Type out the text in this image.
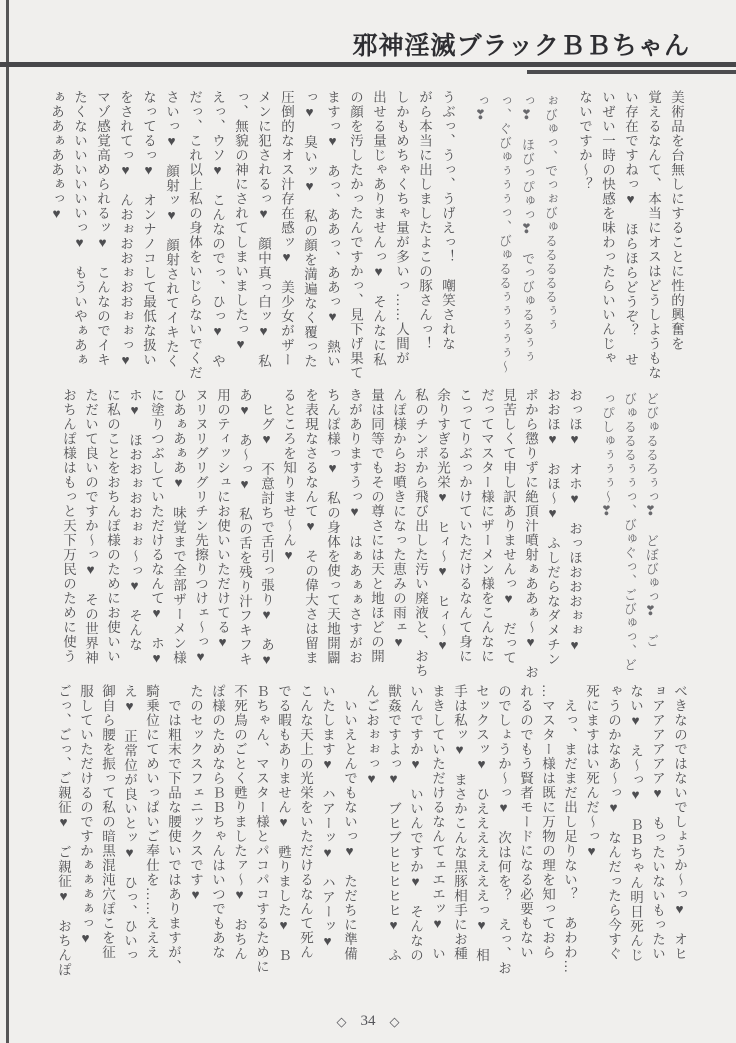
邪神淫滅ブラックＢＢちゃん
美術品を台無しにすることに性的興奮を
覚えるなんて、本当にオスはどうしようもな
い存在ですねっ♥　ほらほらどうぞ？　せ
いぜい一時の快感を味わったらいいんじゃ
ないですか～？
ぉびゅっ、でっぉびゅるるるるるぅぅ
っ❣　ほびっぴゅっ❣　でっびゅるるぅぅ
っ、ぐびゅぅぅぅっ、びゅるるぅぅぅぅぅ～
っ❣
うぶっ、うっ、うげえっ！　嘲笑されな
がら本当に出しましたよこの豚さんっ！
しかもめちゃくちゃ量が多いっ……人間が
出せる量じゃありませんっ♥　そんなに私
の顔を汚したかったんですかっ、見下げ果て
ますっ♥　あっ、ああっ、ああっ♥　熱い
っ♥　臭いッ♥　私の顔を満遍なく覆った
圧倒的なオス汁存在感ッ♥　美少女がザー
メンに犯されるっ♥　顔中真っ白ッ♥　私
っ、無貌の神にされてしまいましたっ♥
えっ、ウソ♥　こんなのでっ、ひっ♥　や
だっ、これ以上私の身体をいじらないでくだ
さいっ♥　顔射ッ♥　顔射されてイキたく
なってるっ♥　オンナノコして最低な扱い
をされてっ♥　んおぉおおぉおおぉぉっ♥
マゾ感覚高められるッ♥　こんなのでイキ
たくないいいいいいっ♥　もういやぁあぁ
ぁああぁああぁっ♥
どびゅるるろぅっ❣　どぼびゅっ❣　ご
びゅるるるぅぅっ、びゅぐっ、ごびゅっ、ど
っぴしゅぅぅぅ～❣
おっほ♥　オホ♥　おっほおおおぉぉ♥
おおほ♥　おほ～♥　ふしだらなダメチン
ポから懲りずに絶頂汁噴射ぁああぁ～♥　お
見苦しくて申し訳ありませんっ♥　だって
だってマスター様にザーメン様をこんなに
こってりぶっかけていただけるなんて身に
余りすぎる光栄♥　ヒィ～♥　ヒィ～♥
私のチンポから飛び出した汚い廃液と、おち
んぽ様からお噴きになった恵みの雨ェ♥
量は同等でもその尊さには天と地ほどの開
きがありますうっ♥　はぁあぁぁさすがお
ちんぽ様っ♥　私の身体を使って天地開闢
を表現なさるなんて♥　その偉大さは留ま
るところを知りませ～ん♥
　ヒグ♥　不意討ちで舌引っ張り♥　あ♥
あ♥　あ～っ♥　私の舌を残り汁フキフキ
用のティッシュにお使いいただけてる♥
ヌリヌリグリグリチン先擦りつけェ～っ♥
ひあぁあぁあ♥　味覚まで全部ザーメン様
に塗りつぶしていただけるなんて♥　ホ♥
ホ♥　ほおおぉおおぉぉ～っ♥　そんな
に私のことをおちんぽ様のためにお使いい
ただいて良いのですか～っ♥　その世界神
おちんぽ様はもっと天下万民のために使う
べきなのではないでしょうか～っ♥　オヒ
ョアアアアアア♥　もったいないもったい
ない♥　え～っ♥　ＢＢちゃん明日死んじ
ゃうのかなあ～っ♥　なんだったら今すぐ
死にますはい死んだ～っ♥
　えっ、まだまだ出し足りない？　あわわ…
…マスター様は既に万物の理を知っておら
れるのでもう賢者モードになる必要もない
のでしょうか～っ♥　次は何を？　えっ、お
セックスッ♥　ひえええええええっ♥　相
手は私ッ♥　まさかこんな黒豚相手にお種
まきしていただけるなんてェエエッ♥　い
いんですか♥　いいんですか♥　そんなの
獣姦ですよっ♥　ブヒブヒヒヒヒヒ♥　ふ
んごおぉぉっ♥
　いいえとんでもないっ♥　ただちに準備
いたします♥　ハアーッ♥　ハアーッ♥
こんな天上の光栄をいただけるなんて死ん
でる暇もありません♥　甦りました♥　Ｂ
Ｂちゃん、マスター様とパコパコするために
不死鳥のごとく甦りましたァ～♥　おちん
ぽ様のためならＢＢちゃんはいつでもあな
たのセックスフェニックスです♥
　では粗末で下品な腰使いではありますが、
騎乗位にてめいっぱいご奉仕を……えええ
え♥　正常位が良いとッ♥　ひっ、ひいっ
御自ら腰を振って私の暗黒混沌穴ぽこを征
服していただけるのですかぁぁぁぁっ♥
ごっ、ごっ、ご親征♥　ご親征♥　おちんぽ
◇ 34 ◇
